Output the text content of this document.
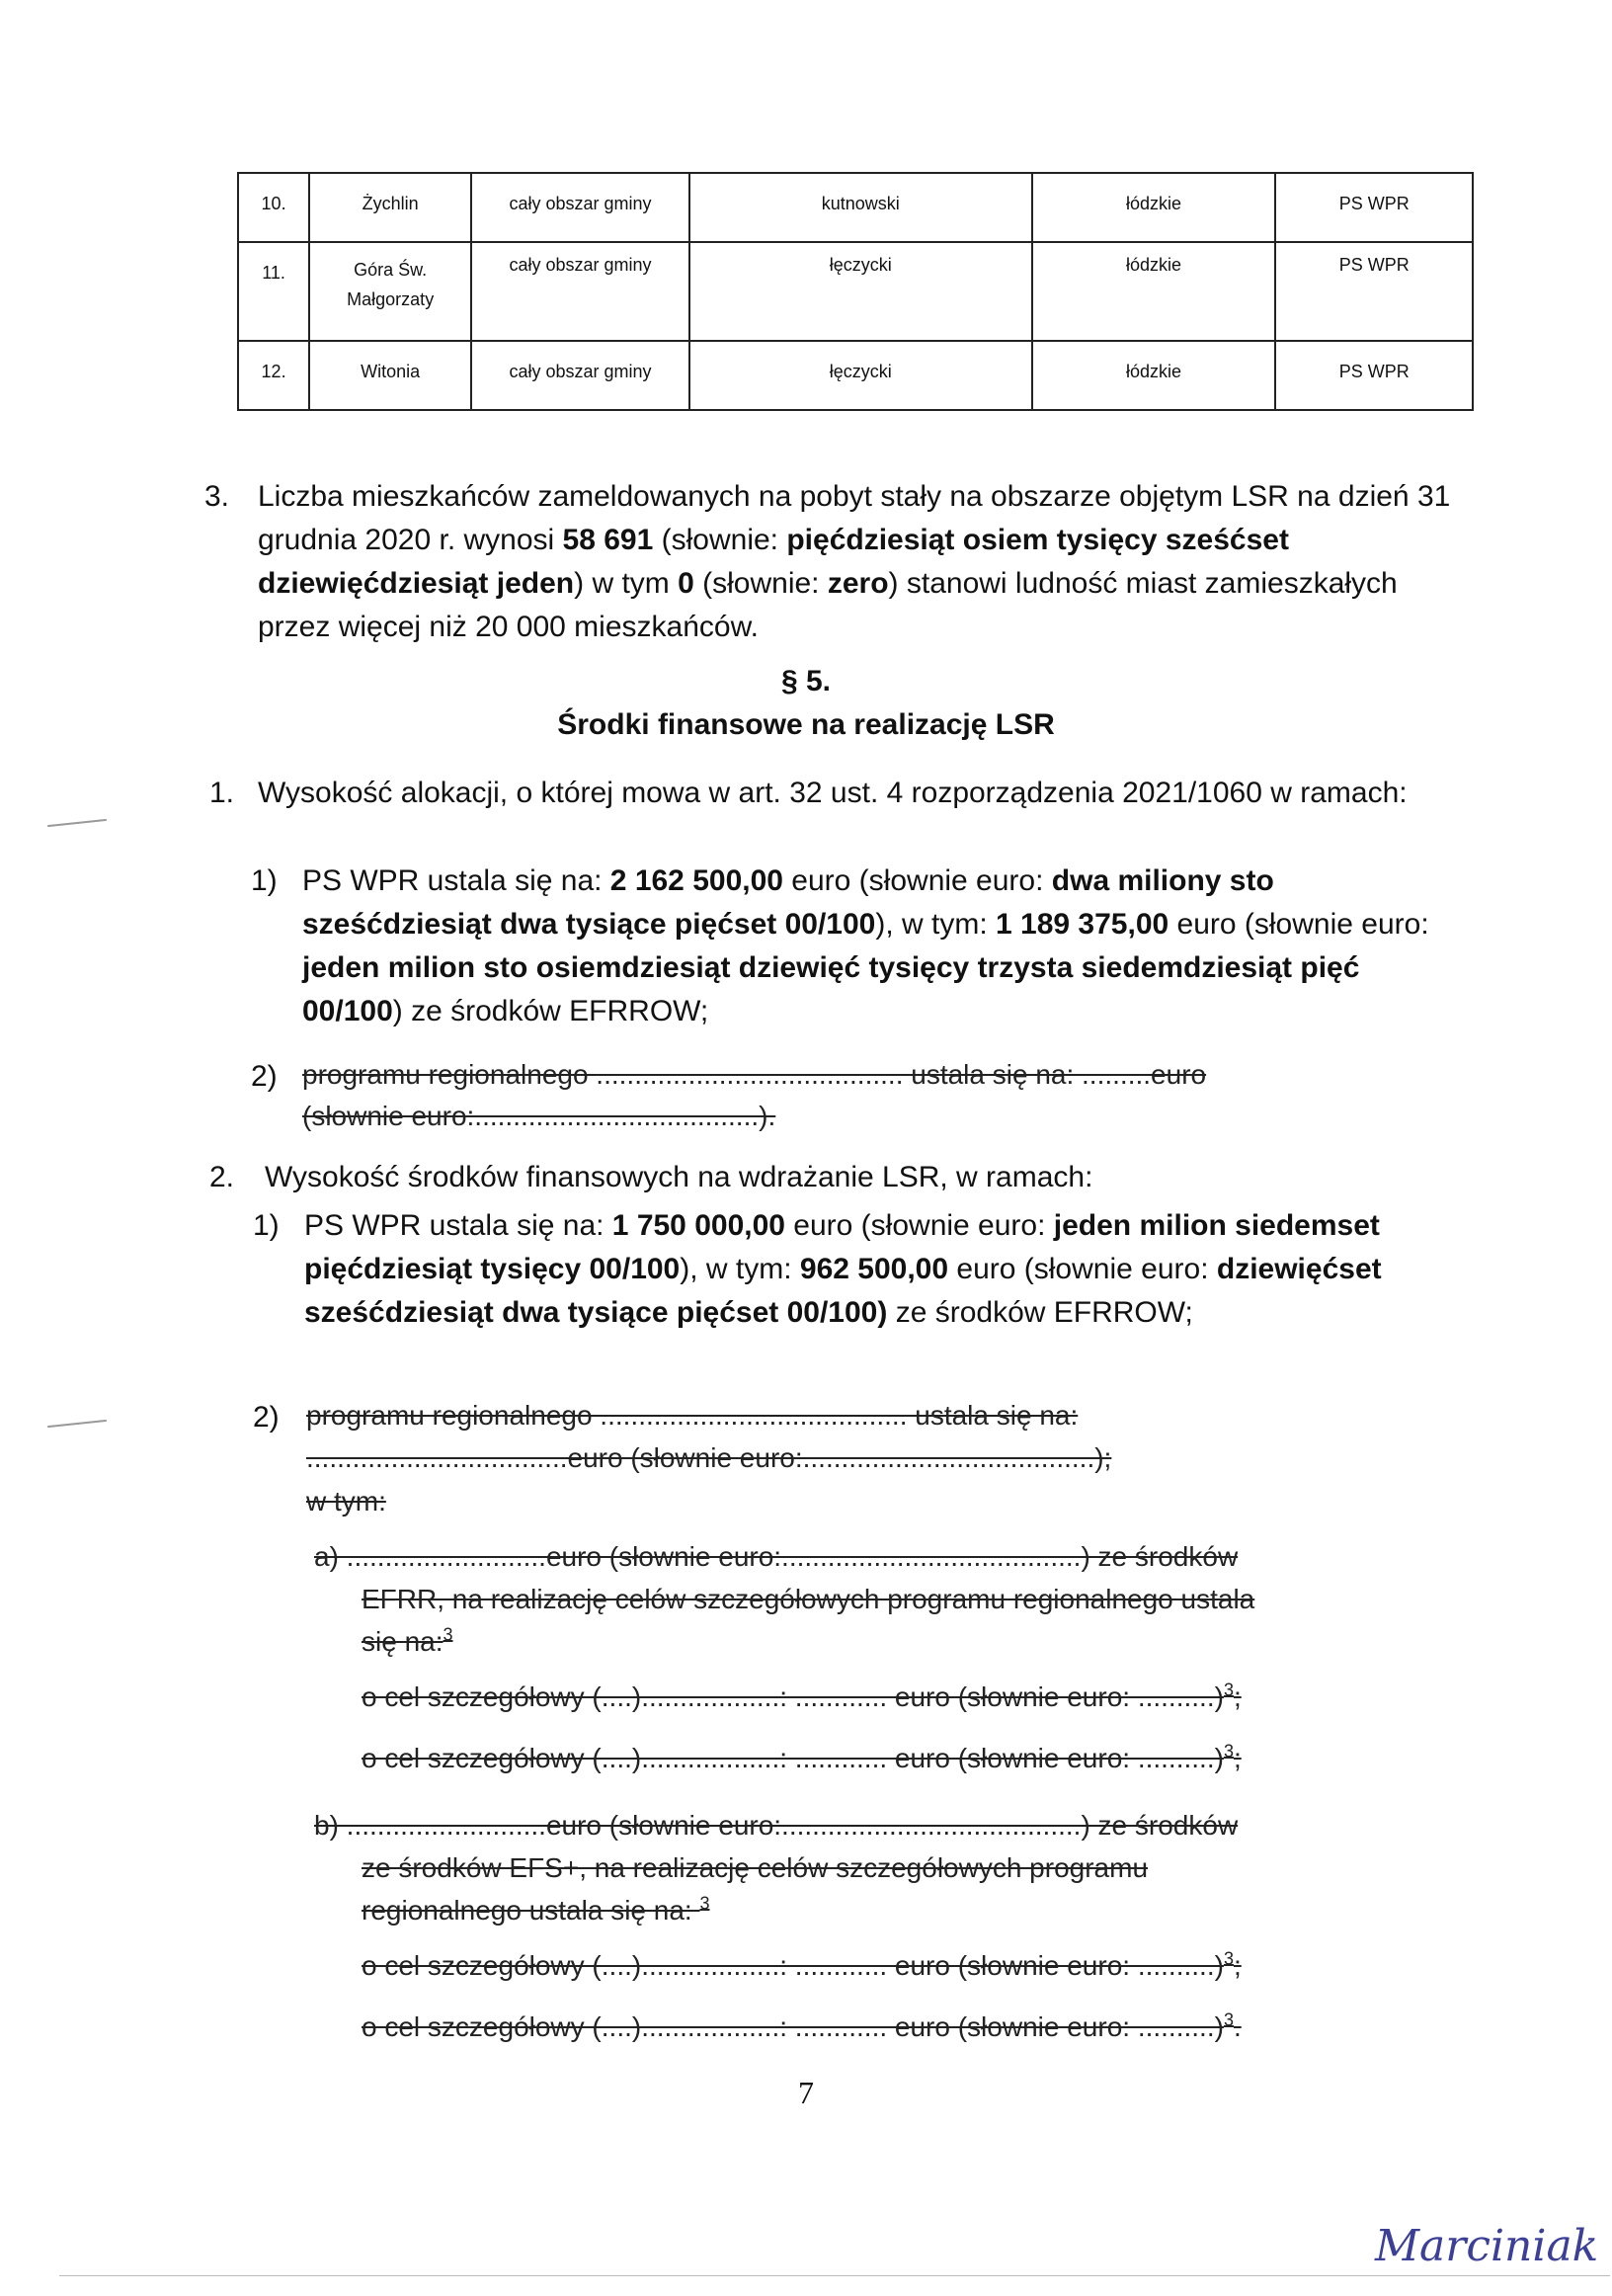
10.	Żychlin	cały obszar gminy	kutnowski	łódzkie	PS WPR
11.	Góra Św. Małgorzaty	cały obszar gminy	łęczycki	łódzkie	PS WPR
12.	Witonia	cały obszar gminy	łęczycki	łódzkie	PS WPR
3. Liczba mieszkańców zameldowanych na pobyt stały na obszarze objętym LSR na dzień 31 grudnia 2020 r. wynosi 58 691 (słownie: pięćdziesiąt osiem tysięcy sześćset dziewięćdziesiąt jeden) w tym 0 (słownie: zero) stanowi ludność miast zamieszkałych przez więcej niż 20 000 mieszkańców.
§ 5.
Środki finansowe na realizację LSR
1. Wysokość alokacji, o której mowa w art. 32 ust. 4 rozporządzenia 2021/1060 w ramach:
1) PS WPR ustala się na: 2 162 500,00 euro (słownie euro: dwa miliony sto sześćdziesiąt dwa tysiące pięćset 00/100), w tym: 1 189 375,00 euro (słownie euro: jeden milion sto osiemdziesiąt dziewięć tysięcy trzysta siedemdziesiąt pięć 00/100) ze środków EFRROW;
2) programu regionalnego ........................................ ustala się na: .........euro
(słownie euro:.....................................).
2. Wysokość środków finansowych na wdrażanie LSR, w ramach:
1) PS WPR ustala się na: 1 750 000,00 euro (słownie euro: jeden milion siedemset pięćdziesiąt tysięcy 00/100), w tym: 962 500,00 euro (słownie euro: dziewięćset sześćdziesiąt dwa tysiące pięćset 00/100) ze środków EFRROW;
2) programu regionalnego ........................................ ustala się na:
..................................euro (słownie euro:......................................);
w tym:
a) ..........................euro (słownie euro:.......................................) ze środków
EFRR, na realizację celów szczegółowych programu regionalnego ustala
się na:$^3$
o cel szczegółowy (....)..................: ............ euro (słownie euro: ..........)$^3$;
o cel szczegółowy (....)..................: ............ euro (słownie euro: ..........)$^3$;
b) ..........................euro (słownie euro:.......................................) ze środków
ze środków EFS+, na realizację celów szczegółowych programu
regionalnego ustala się na: $^3$
o cel szczegółowy (....)..................: ............ euro (słownie euro: ..........)$^3$;
o cel szczegółowy (....)..................: ............ euro (słownie euro: ..........)$^3$.
7
Marciniak
